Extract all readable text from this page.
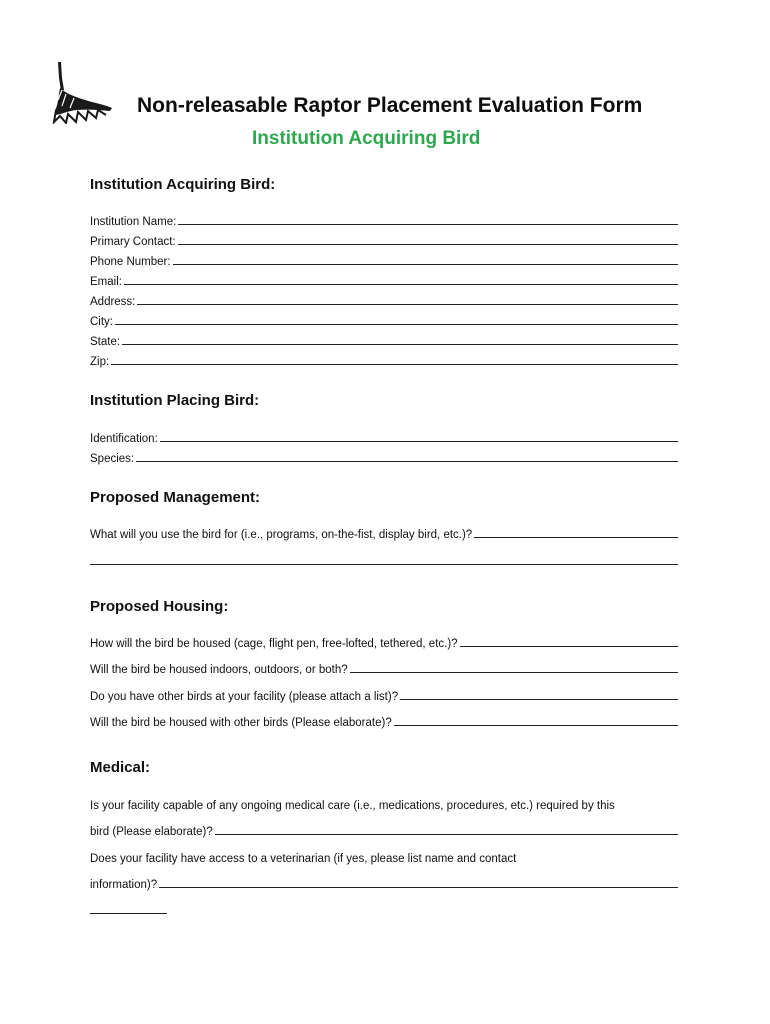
Non-releasable Raptor Placement Evaluation Form
Institution Acquiring Bird
Institution Acquiring Bird:
Institution Name:
Primary Contact:
Phone Number:
Email:
Address:
City:
State:
Zip:
Institution Placing Bird:
Identification:
Species:
Proposed Management:
What will you use the bird for (i.e., programs, on-the-fist, display bird, etc.)?
Proposed Housing:
How will the bird be housed (cage, flight pen, free-lofted, tethered, etc.)?
Will the bird be housed indoors, outdoors, or both?
Do you have other birds at your facility (please attach a list)?
Will the bird be housed with other birds (Please elaborate)?
Medical:
Is your facility capable of any ongoing medical care (i.e., medications, procedures, etc.) required by this
bird (Please elaborate)?
Does your facility have access to a veterinarian (if yes, please list name and contact
information)?
